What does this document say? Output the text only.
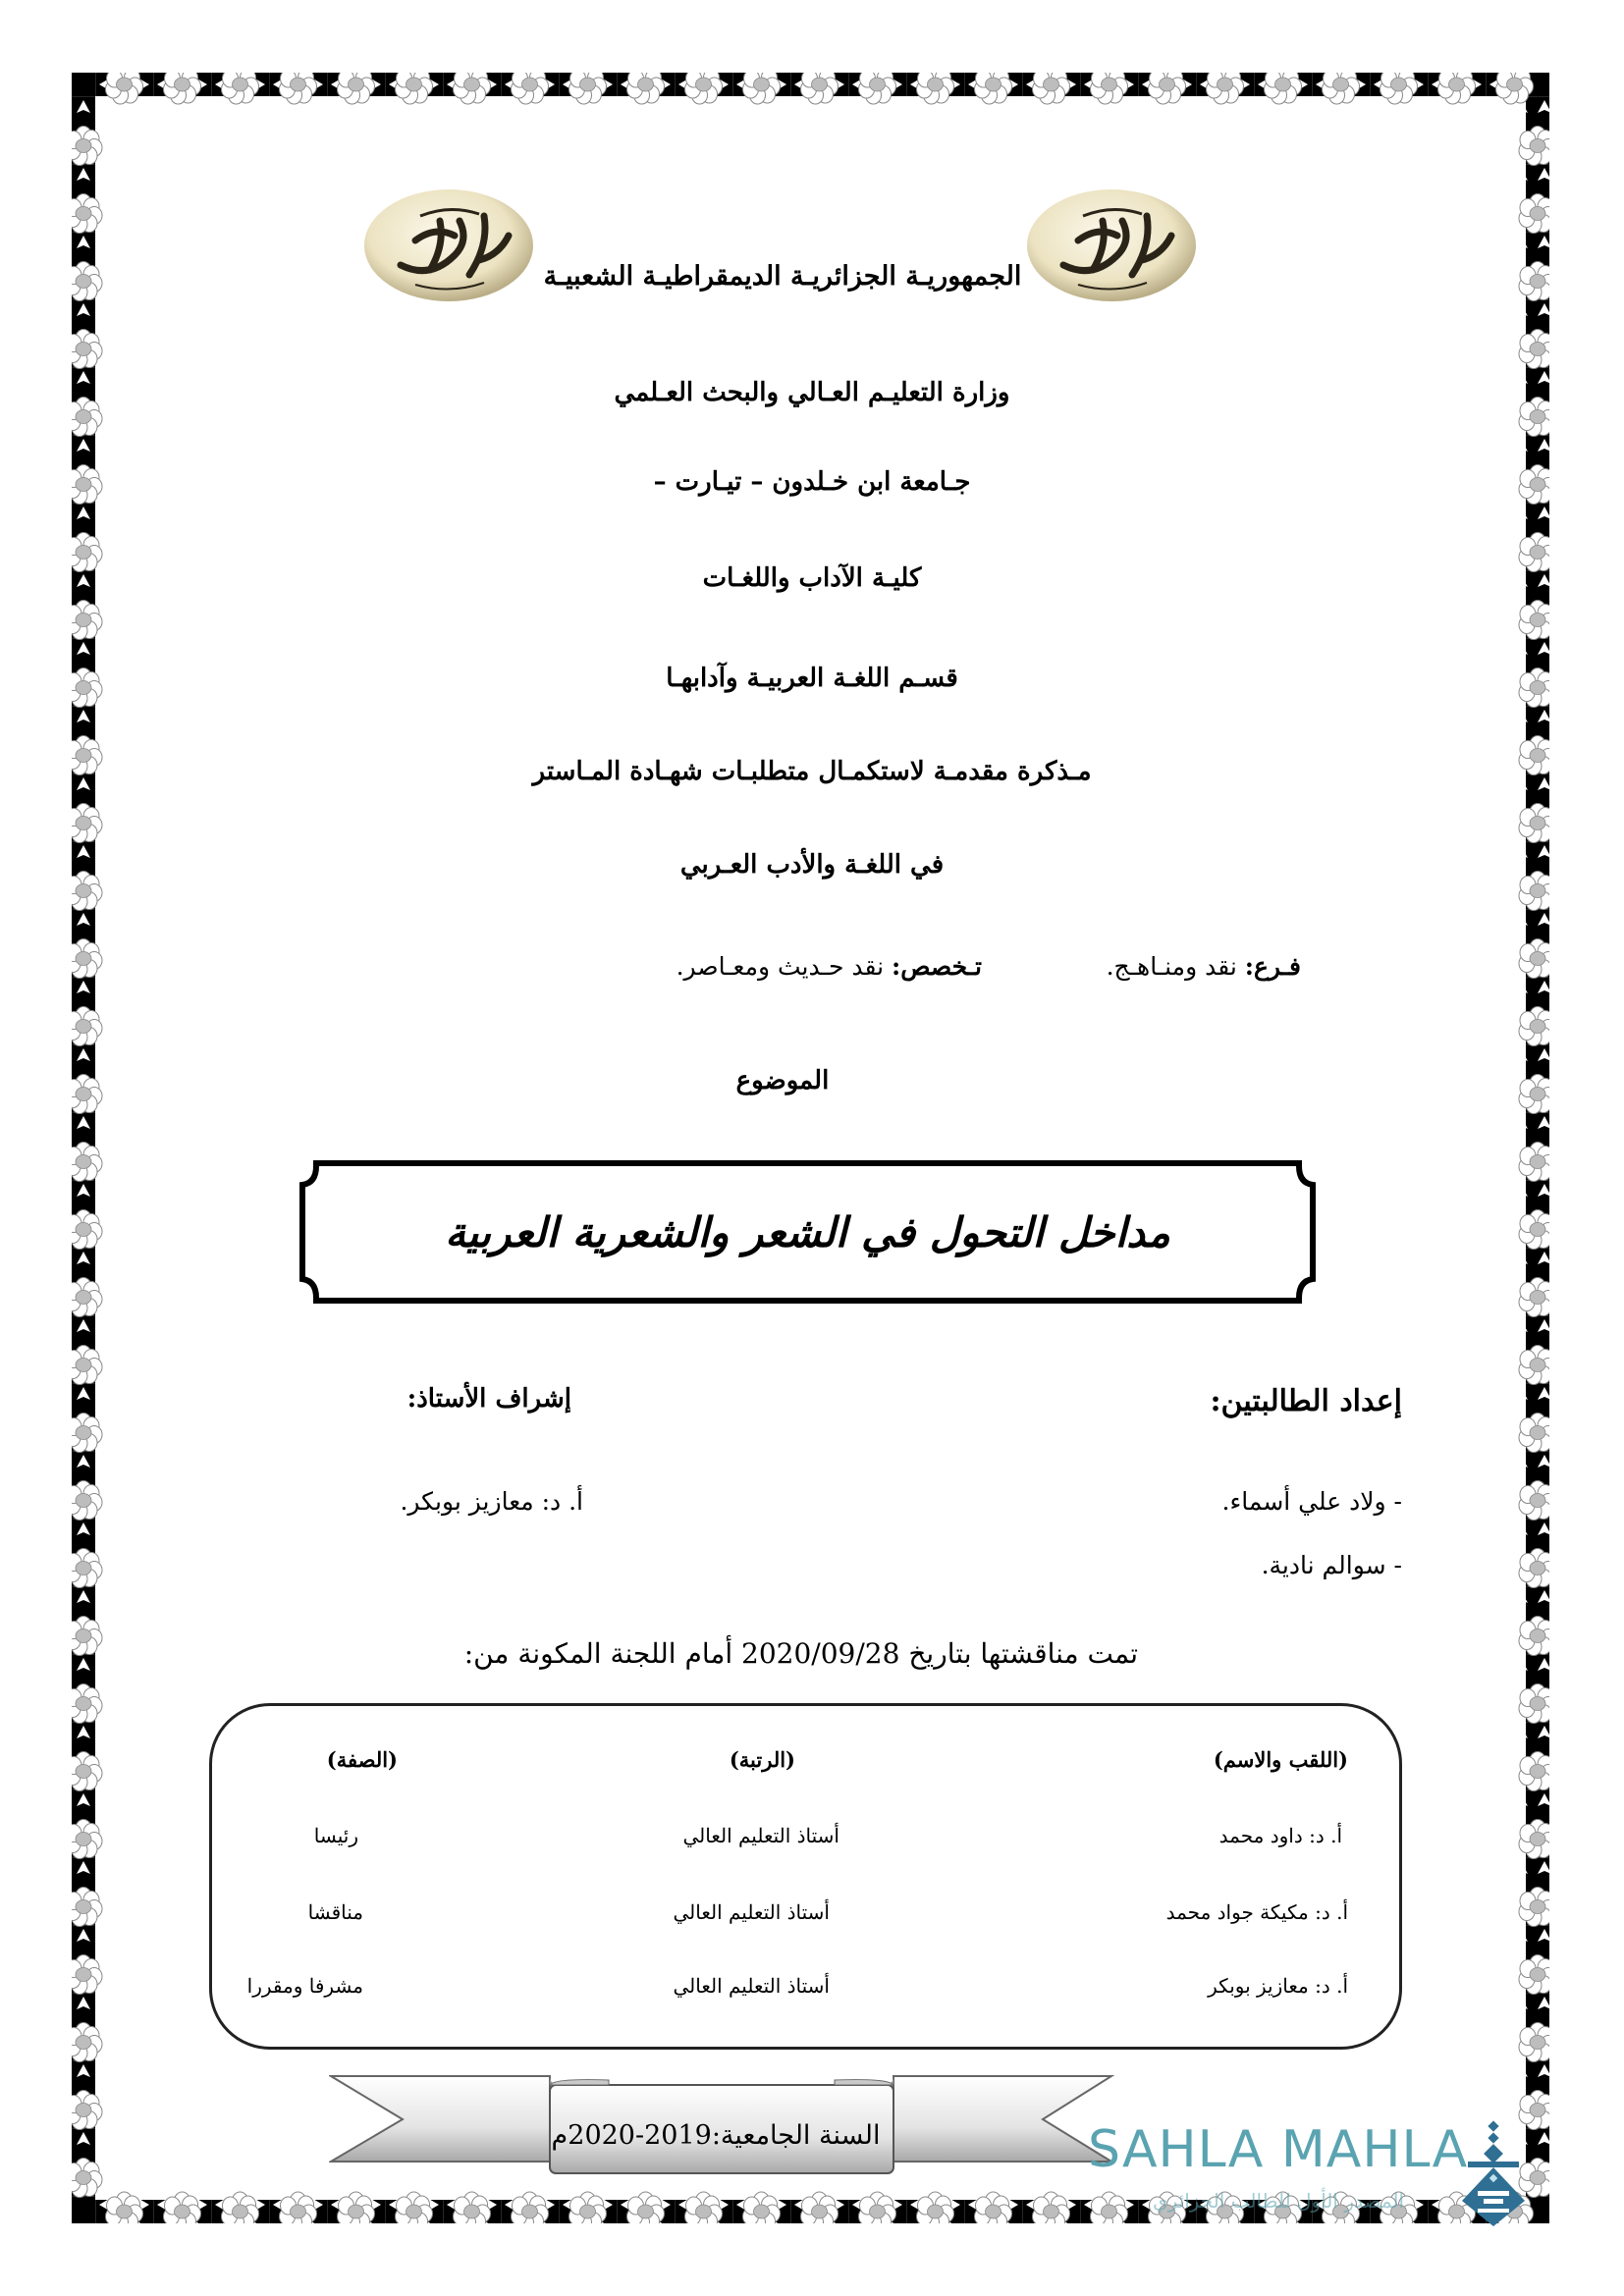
الجمهوريـة الجزائريـة الديمقراطيـة الشعبيـة
وزارة التعليـم العـالي والبحث العـلمي
جـامعة ابن خـلدون – تيـارت –
كليـة الآداب واللغـات
قسـم اللغـة العربيـة وآدابهـا
مـذكرة مقدمـة لاستكمـال متطلبـات شهـادة المـاستر
في اللغـة والأدب العـربي
فـرع: نقد ومنـاهـج.
تـخصص: نقد حـديث ومعـاصر.
الموضوع
مداخل التحول في الشعر والشعرية العربية
إعداد الطالبتين:
إشراف الأستاذ:
- ولاد علي أسماء.
- سوالم نادية.
أ. د: معازيز بوبكر.
تمت مناقشتها بتاريخ 2020/09/28 أمام اللجنة المكونة من:
(اللقب والاسم)
(الرتبة)
(الصفة)
أ. د: داود محمد
أستاذ التعليم العالي
رئيسا
أ. د: مكيكة جواد محمد
أستاذ التعليم العالي
مناقشا
أ. د: معازيز بوبكر
أستاذ التعليم العالي
مشرفا ومقررا
السنة الجامعية:2019-2020م	SAHLA MAHLA
المصدر الأول للطالب الجزائري
